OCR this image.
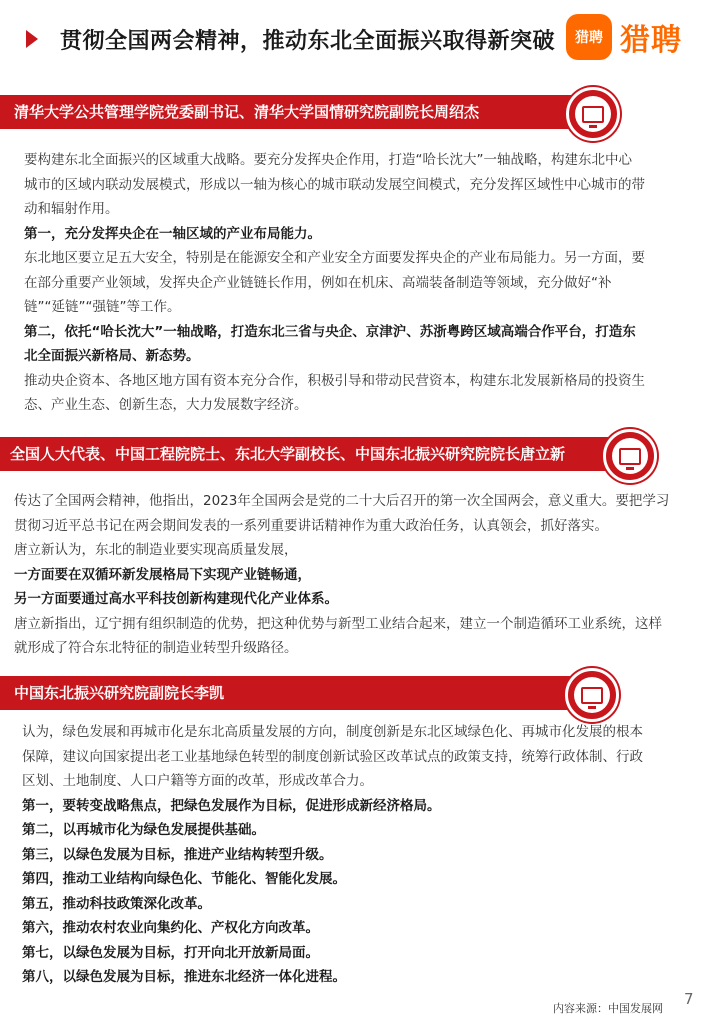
贯彻全国两会精神，推动东北全面振兴取得新突破	猎聘 猎聘
清华大学公共管理学院党委副书记、清华大学国情研究院副院长周绍杰

要构建东北全面振兴的区域重大战略。要充分发挥央企作用，打造“哈长沈大”一轴战略，构建东北中心

城市的区域内联动发展模式，形成以一轴为核心的城市联动发展空间模式，充分发挥区域性中心城市的带

动和辐射作用。

第一，充分发挥央企在一轴区域的产业布局能力。

东北地区要立足五大安全，特别是在能源安全和产业安全方面要发挥央企的产业布局能力。另一方面，要

在部分重要产业领域，发挥央企产业链链长作用，例如在机床、高端装备制造等领域，充分做好“补

链”“延链”“强链”等工作。

第二，依托“哈长沈大”一轴战略，打造东北三省与央企、京津沪、苏浙粤跨区域高端合作平台，打造东

北全面振兴新格局、新态势。

推动央企资本、各地区地方国有资本充分合作，积极引导和带动民营资本，构建东北发展新格局的投资生

态、产业生态、创新生态，大力发展数字经济。

全国人大代表、中国工程院院士、东北大学副校长、中国东北振兴研究院院长唐立新

传达了全国两会精神，他指出，2023年全国两会是党的二十大后召开的第一次全国两会，意义重大。要把学习

贯彻习近平总书记在两会期间发表的一系列重要讲话精神作为重大政治任务，认真领会，抓好落实。

唐立新认为，东北的制造业要实现高质量发展，

一方面要在双循环新发展格局下实现产业链畅通，

另一方面要通过高水平科技创新构建现代化产业体系。

唐立新指出，辽宁拥有组织制造的优势，把这种优势与新型工业结合起来，建立一个制造循环工业系统，这样

就形成了符合东北特征的制造业转型升级路径。

中国东北振兴研究院副院长李凯

认为，绿色发展和再城市化是东北高质量发展的方向，制度创新是东北区域绿色化、再城市化发展的根本

保障，建议向国家提出老工业基地绿色转型的制度创新试验区改革试点的政策支持，统筹行政体制、行政

区划、土地制度、人口户籍等方面的改革，形成改革合力。

第一，要转变战略焦点，把绿色发展作为目标，促进形成新经济格局。

第二，以再城市化为绿色发展提供基础。

第三，以绿色发展为目标，推进产业结构转型升级。

第四，推动工业结构向绿色化、节能化、智能化发展。

第五，推动科技政策深化改革。

第六，推动农村农业向集约化、产权化方向改革。

第七，以绿色发展为目标，打开向北开放新局面。

第八，以绿色发展为目标，推进东北经济一体化进程。

内容来源：中国发展网
7
